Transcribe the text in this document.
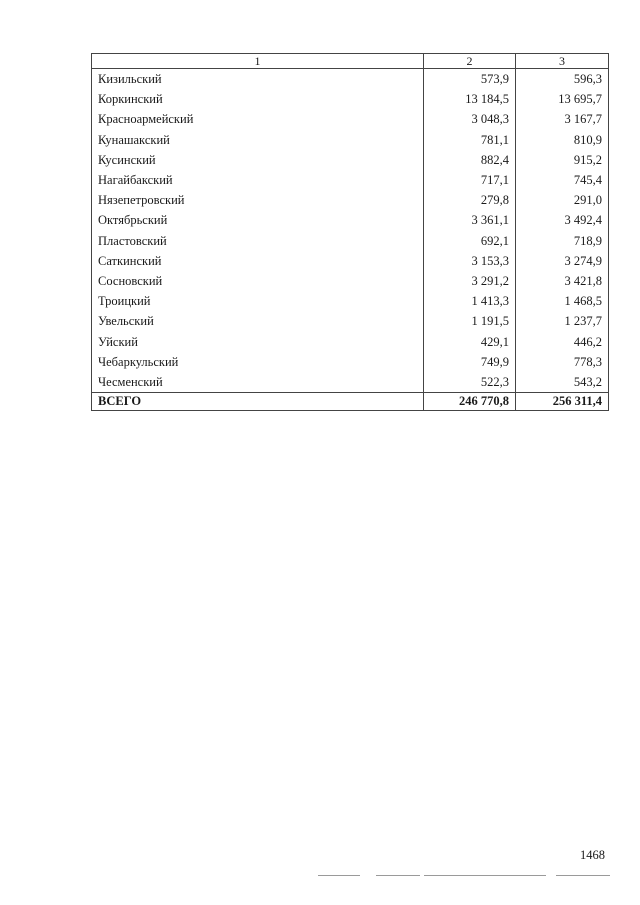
1	2	3
Кизильский	573,9	596,3
Коркинский	13 184,5	13 695,7
Красноармейский	3 048,3	3 167,7
Кунашакский	781,1	810,9
Кусинский	882,4	915,2
Нагайбакский	717,1	745,4
Нязепетровский	279,8	291,0
Октябрьский	3 361,1	3 492,4
Пластовский	692,1	718,9
Саткинский	3 153,3	3 274,9
Сосновский	3 291,2	3 421,8
Троицкий	1 413,3	1 468,5
Увельский	1 191,5	1 237,7
Уйский	429,1	446,2
Чебаркульский	749,9	778,3
Чесменский	522,3	543,2
ВСЕГО	246 770,8	256 311,4
1468
